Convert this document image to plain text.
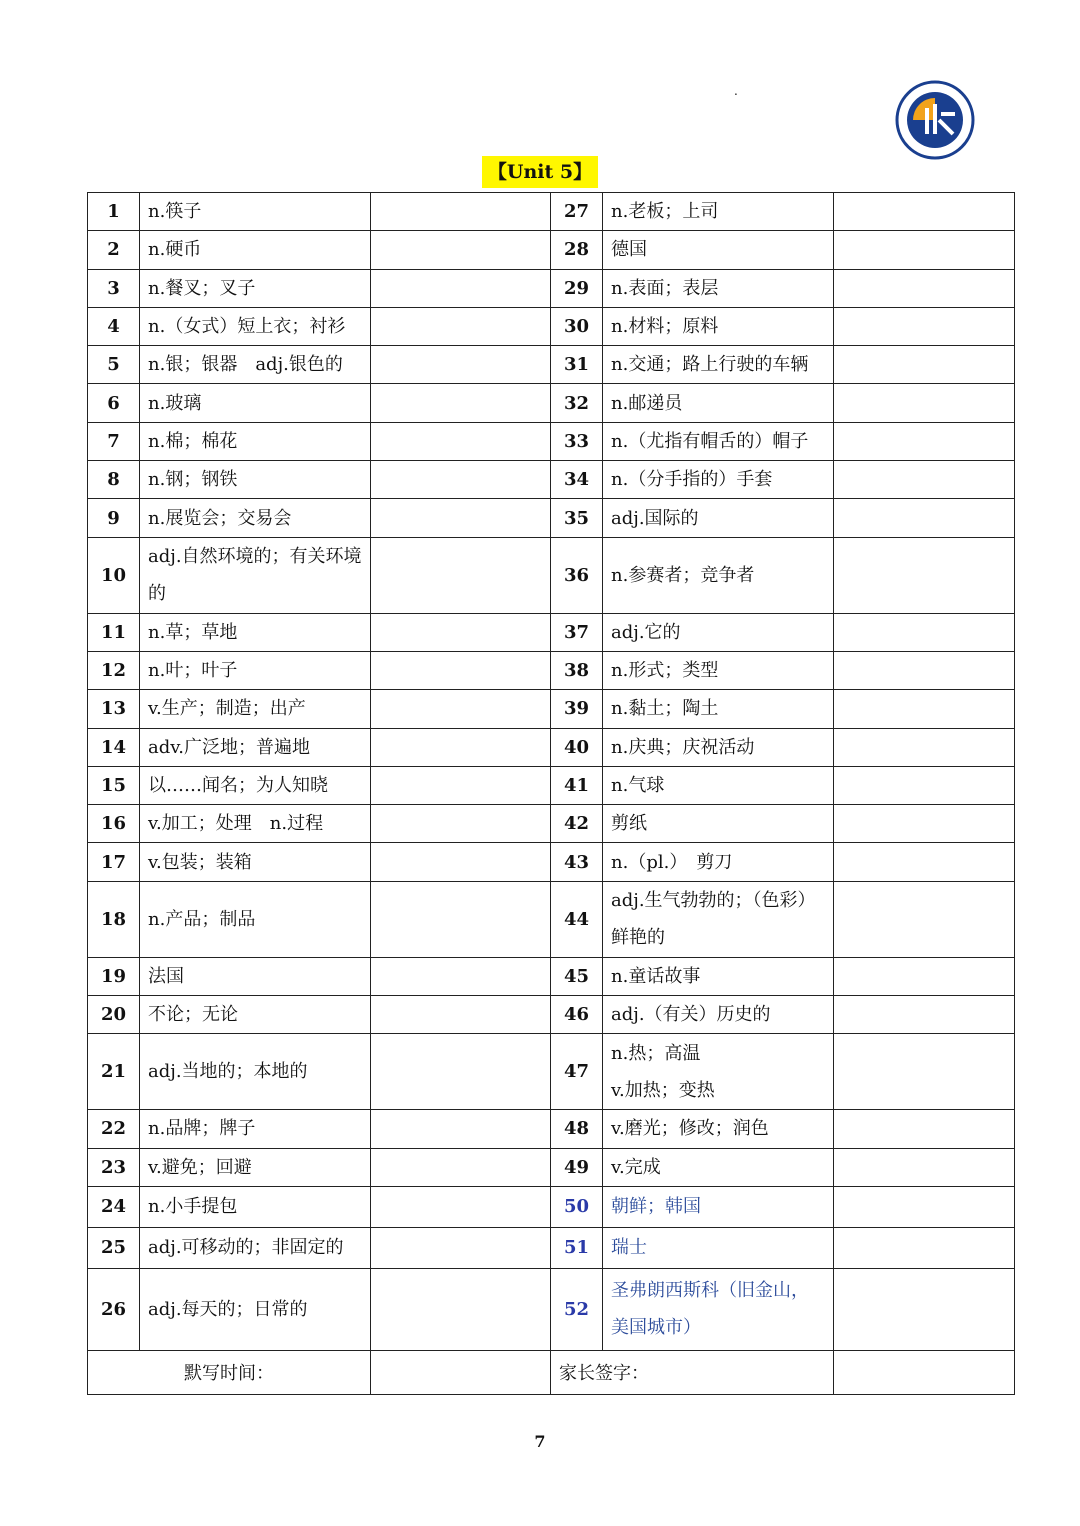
.
【Unit 5】
1	n.筷子		27	n.老板；上司	
2	n.硬币		28	德国	
3	n.餐叉；叉子		29	n.表面；表层	
4	n.（女式）短上衣；衬衫		30	n.材料；原料	
5	n.银；银器　adj.银色的		31	n.交通；路上行驶的车辆	
6	n.玻璃		32	n.邮递员	
7	n.棉；棉花		33	n.（尤指有帽舌的）帽子	
8	n.钢；钢铁		34	n.（分手指的）手套	
9	n.展览会；交易会		35	adj.国际的	
10	adj.自然环境的；有关环境的		36	n.参赛者；竞争者	
11	n.草；草地		37	adj.它的	
12	n.叶；叶子		38	n.形式；类型	
13	v.生产；制造；出产		39	n.黏土；陶土	
14	adv.广泛地；普遍地		40	n.庆典；庆祝活动	
15	以……闻名；为人知晓		41	n.气球	
16	v.加工；处理　n.过程		42	剪纸	
17	v.包装；装箱		43	n.（pl.）　剪刀	
18	n.产品；制品		44	adj.生气勃勃的；（色彩）鲜艳的	
19	法国		45	n.童话故事	
20	不论；无论		46	adj.（有关）历史的	
21	adj.当地的；本地的		47	n.热；高温
v.加热；变热	
22	n.品牌；牌子		48	v.磨光；修改；润色	
23	v.避免；回避		49	v.完成	
24	n.小手提包		50	朝鲜；韩国	
25	adj.可移动的；非固定的		51	瑞士	
26	adj.每天的；日常的		52	圣弗朗西斯科（旧金山，美国城市）	
默写时间：			家长签字：		
7
